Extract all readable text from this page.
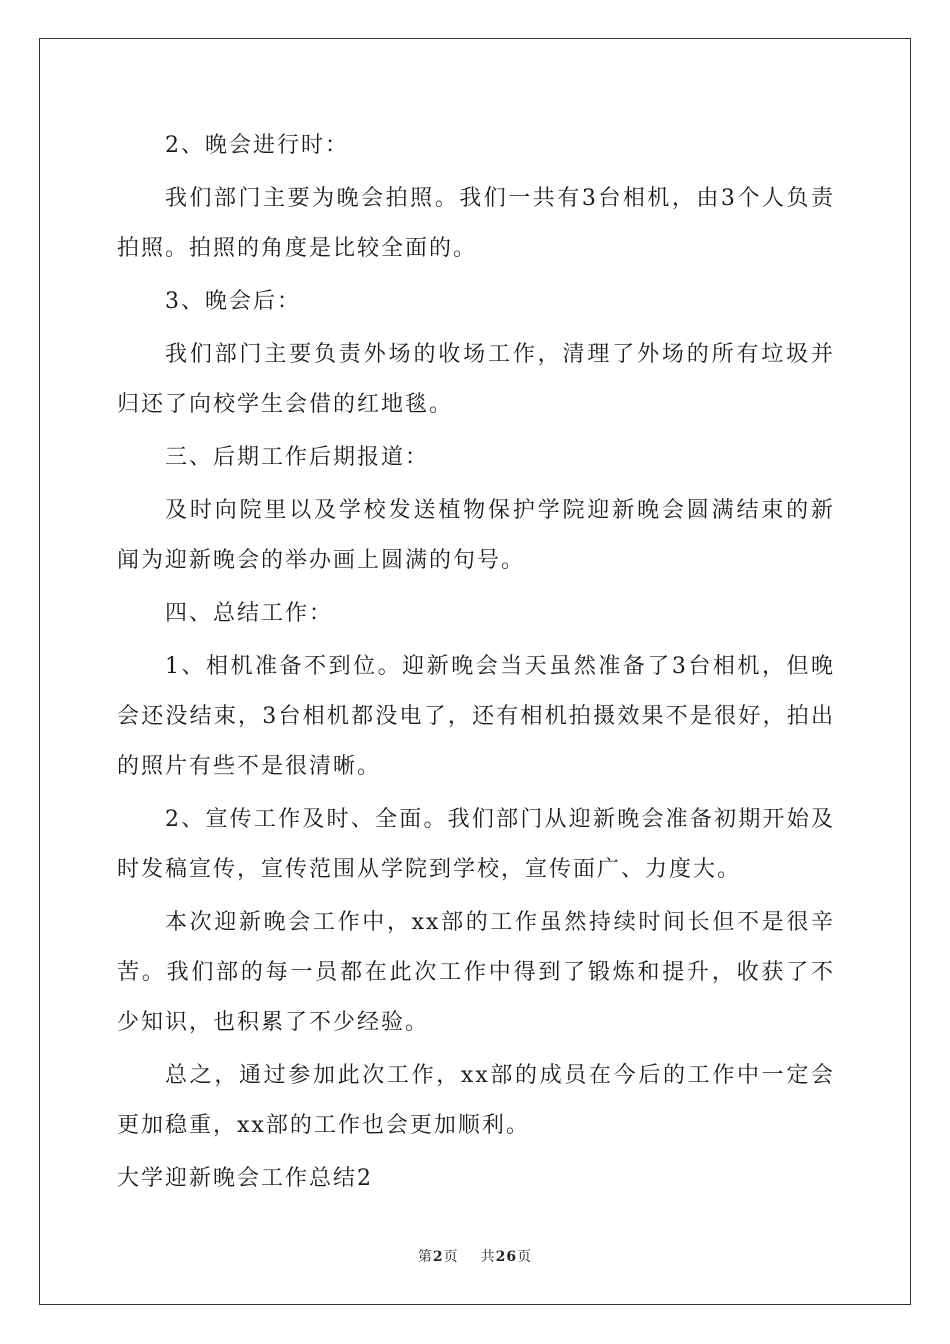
2、晚会进行时：

我们部门主要为晚会拍照。我们一共有3台相机，由3个人负责拍照。拍照的角度是比较全面的。

3、晚会后：

我们部门主要负责外场的收场工作，清理了外场的所有垃圾并归还了向校学生会借的红地毯。

三、后期工作后期报道：

及时向院里以及学校发送植物保护学院迎新晚会圆满结束的新闻为迎新晚会的举办画上圆满的句号。

四、总结工作：

1、相机准备不到位。迎新晚会当天虽然准备了3台相机，但晚会还没结束，3台相机都没电了，还有相机拍摄效果不是很好，拍出的照片有些不是很清晰。

2、宣传工作及时、全面。我们部门从迎新晚会准备初期开始及时发稿宣传，宣传范围从学院到学校，宣传面广、力度大。

本次迎新晚会工作中，xx部的工作虽然持续时间长但不是很辛苦。我们部的每一员都在此次工作中得到了锻炼和提升，收获了不少知识，也积累了不少经验。

总之，通过参加此次工作，xx部的成员在今后的工作中一定会更加稳重，xx部的工作也会更加顺利。

大学迎新晚会工作总结2

第2页 共26页
